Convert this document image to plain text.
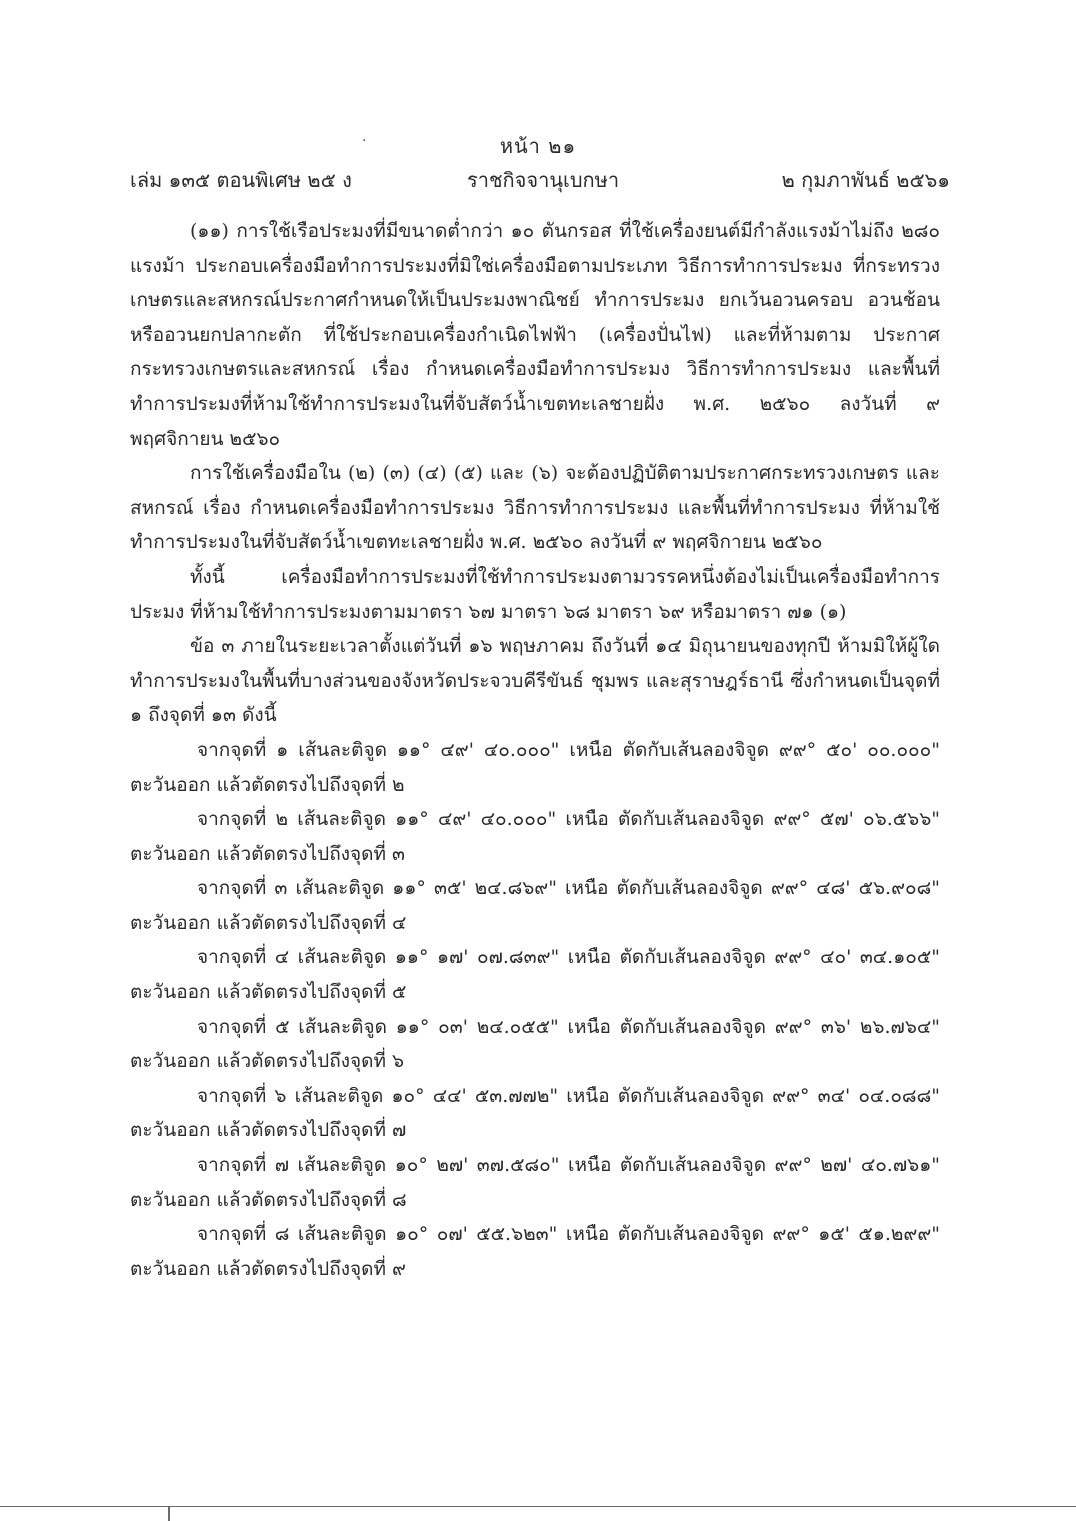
หน้า ๒๑
·
เล่ม ๑๓๕ ตอนพิเศษ ๒๕ ง	ราชกิจจานุเบกษา	๒ กุมภาพันธ์ ๒๕๖๑

(๑๑) การใช้เรือประมงที่มีขนาดต่ำกว่า ๑๐ ตันกรอส ที่ใช้เครื่องยนต์มีกำลังแรงม้าไม่ถึง ๒๘๐ แรงม้า ประกอบเครื่องมือทำการประมงที่มิใช่เครื่องมือตามประเภท วิธีการทำการประมง ที่กระทรวงเกษตรและสหกรณ์ประกาศกำหนดให้เป็นประมงพาณิชย์ ทำการประมง ยกเว้นอวนครอบ อวนช้อน หรืออวนยกปลากะตัก ที่ใช้ประกอบเครื่องกำเนิดไฟฟ้า (เครื่องปั่นไฟ) และที่ห้ามตาม ประกาศกระทรวงเกษตรและสหกรณ์ เรื่อง กำหนดเครื่องมือทำการประมง วิธีการทำการประมง และพื้นที่ทำการประมงที่ห้ามใช้ทำการประมงในที่จับสัตว์น้ำเขตทะเลชายฝั่ง พ.ศ. ๒๕๖๐ ลงวันที่ ๙ พฤศจิกายน ๒๕๖๐

การใช้เครื่องมือใน (๒) (๓) (๔) (๕) และ (๖) จะต้องปฏิบัติตามประกาศกระทรวงเกษตร และสหกรณ์ เรื่อง กำหนดเครื่องมือทำการประมง วิธีการทำการประมง และพื้นที่ทำการประมง ที่ห้ามใช้ทำการประมงในที่จับสัตว์น้ำเขตทะเลชายฝั่ง พ.ศ. ๒๕๖๐ ลงวันที่ ๙ พฤศจิกายน ๒๕๖๐

ทั้งนี้ เครื่องมือทำการประมงที่ใช้ทำการประมงตามวรรคหนึ่งต้องไม่เป็นเครื่องมือทำการประมง ที่ห้ามใช้ทำการประมงตามมาตรา ๖๗ มาตรา ๖๘ มาตรา ๖๙ หรือมาตรา ๗๑ (๑)

ข้อ ๓ ภายในระยะเวลาตั้งแต่วันที่ ๑๖ พฤษภาคม ถึงวันที่ ๑๔ มิถุนายนของทุกปี ห้ามมิให้ผู้ใดทำการประมงในพื้นที่บางส่วนของจังหวัดประจวบคีรีขันธ์ ชุมพร และสุราษฎร์ธานี ซึ่งกำหนดเป็นจุดที่ ๑ ถึงจุดที่ ๑๓ ดังนี้

จากจุดที่ ๑ เส้นละติจูด ๑๑° ๔๙' ๔๐.๐๐๐" เหนือ ตัดกับเส้นลองจิจูด ๙๙° ๕๐' ๐๐.๐๐๐" ตะวันออก แล้วตัดตรงไปถึงจุดที่ ๒

จากจุดที่ ๒ เส้นละติจูด ๑๑° ๔๙' ๔๐.๐๐๐" เหนือ ตัดกับเส้นลองจิจูด ๙๙° ๕๗' ๐๖.๕๖๖" ตะวันออก แล้วตัดตรงไปถึงจุดที่ ๓

จากจุดที่ ๓ เส้นละติจูด ๑๑° ๓๕' ๒๔.๘๖๙" เหนือ ตัดกับเส้นลองจิจูด ๙๙° ๔๘' ๕๖.๙๐๘" ตะวันออก แล้วตัดตรงไปถึงจุดที่ ๔

จากจุดที่ ๔ เส้นละติจูด ๑๑° ๑๗' ๐๗.๘๓๙" เหนือ ตัดกับเส้นลองจิจูด ๙๙° ๔๐' ๓๔.๑๐๕" ตะวันออก แล้วตัดตรงไปถึงจุดที่ ๕

จากจุดที่ ๕ เส้นละติจูด ๑๑° ๐๓' ๒๔.๐๕๕" เหนือ ตัดกับเส้นลองจิจูด ๙๙° ๓๖' ๒๖.๗๖๔" ตะวันออก แล้วตัดตรงไปถึงจุดที่ ๖

จากจุดที่ ๖ เส้นละติจูด ๑๐° ๔๔' ๕๓.๗๗๒" เหนือ ตัดกับเส้นลองจิจูด ๙๙° ๓๔' ๐๔.๐๘๘" ตะวันออก แล้วตัดตรงไปถึงจุดที่ ๗

จากจุดที่ ๗ เส้นละติจูด ๑๐° ๒๗' ๓๗.๕๘๐" เหนือ ตัดกับเส้นลองจิจูด ๙๙° ๒๗' ๔๐.๗๖๑" ตะวันออก แล้วตัดตรงไปถึงจุดที่ ๘

จากจุดที่ ๘ เส้นละติจูด ๑๐° ๐๗' ๕๕.๖๒๓" เหนือ ตัดกับเส้นลองจิจูด ๙๙° ๑๕' ๕๑.๒๙๙" ตะวันออก แล้วตัดตรงไปถึงจุดที่ ๙
